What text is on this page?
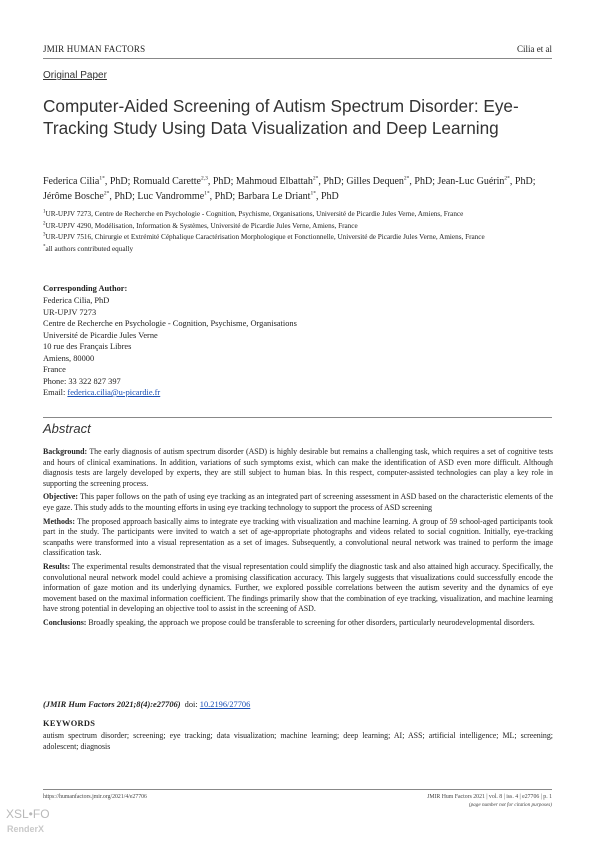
JMIR HUMAN FACTORS	Cilia et al
Original Paper
Computer-Aided Screening of Autism Spectrum Disorder: Eye-Tracking Study Using Data Visualization and Deep Learning
Federica Cilia$^{1*}$, PhD; Romuald Carette$^{2,3}$, PhD; Mahmoud Elbattah$^{2*}$, PhD; Gilles Dequen$^{2*}$, PhD; Jean-Luc Guérin$^{2*}$, PhD; Jérôme Bosche$^{2*}$, PhD; Luc Vandromme$^{1*}$, PhD; Barbara Le Driant$^{1*}$, PhD
$^1$UR-UPJV 7273, Centre de Recherche en Psychologie - Cognition, Psychisme, Organisations, Université de Picardie Jules Verne, Amiens, France
$^2$UR-UPJV 4290, Modélisation, Information & Systèmes, Université de Picardie Jules Verne, Amiens, France
$^3$UR-UPJV 7516, Chirurgie et Extrémité Céphalique Caractérisation Morphologique et Fonctionnelle, Université de Picardie Jules Verne, Amiens, France
*all authors contributed equally
Corresponding Author:
Federica Cilia, PhD
UR-UPJV 7273
Centre de Recherche en Psychologie - Cognition, Psychisme, Organisations
Université de Picardie Jules Verne
10 rue des Français Libres
Amiens, 80000
France
Phone: 33 322 827 397
Email: federica.cilia@u-picardie.fr
Abstract

Background: The early diagnosis of autism spectrum disorder (ASD) is highly desirable but remains a challenging task, which requires a set of cognitive tests and hours of clinical examinations. In addition, variations of such symptoms exist, which can make the identification of ASD even more difficult. Although diagnosis tests are largely developed by experts, they are still subject to human bias. In this respect, computer-assisted technologies can play a key role in supporting the screening process.

Objective: This paper follows on the path of using eye tracking as an integrated part of screening assessment in ASD based on the characteristic elements of the eye gaze. This study adds to the mounting efforts in using eye tracking technology to support the process of ASD screening

Methods: The proposed approach basically aims to integrate eye tracking with visualization and machine learning. A group of 59 school-aged participants took part in the study. The participants were invited to watch a set of age-appropriate photographs and videos related to social cognition. Initially, eye-tracking scanpaths were transformed into a visual representation as a set of images. Subsequently, a convolutional neural network was trained to perform the image classification task.

Results: The experimental results demonstrated that the visual representation could simplify the diagnostic task and also attained high accuracy. Specifically, the convolutional neural network model could achieve a promising classification accuracy. This largely suggests that visualizations could successfully encode the information of gaze motion and its underlying dynamics. Further, we explored possible correlations between the autism severity and the dynamics of eye movement based on the maximal information coefficient. The findings primarily show that the combination of eye tracking, visualization, and machine learning have strong potential in developing an objective tool to assist in the screening of ASD.

Conclusions: Broadly speaking, the approach we propose could be transferable to screening for other disorders, particularly neurodevelopmental disorders.

(JMIR Hum Factors 2021;8(4):e27706) doi: 10.2196/27706
KEYWORDS
autism spectrum disorder; screening; eye tracking; data visualization; machine learning; deep learning; AI; ASS; artificial intelligence; ML; screening; adolescent; diagnosis
https://humanfactors.jmir.org/2021/4/e27706	JMIR Hum Factors 2021 | vol. 8 | iss. 4 | e27706 | p. 1
(page number not for citation purposes)
XSL•FO
RenderX
